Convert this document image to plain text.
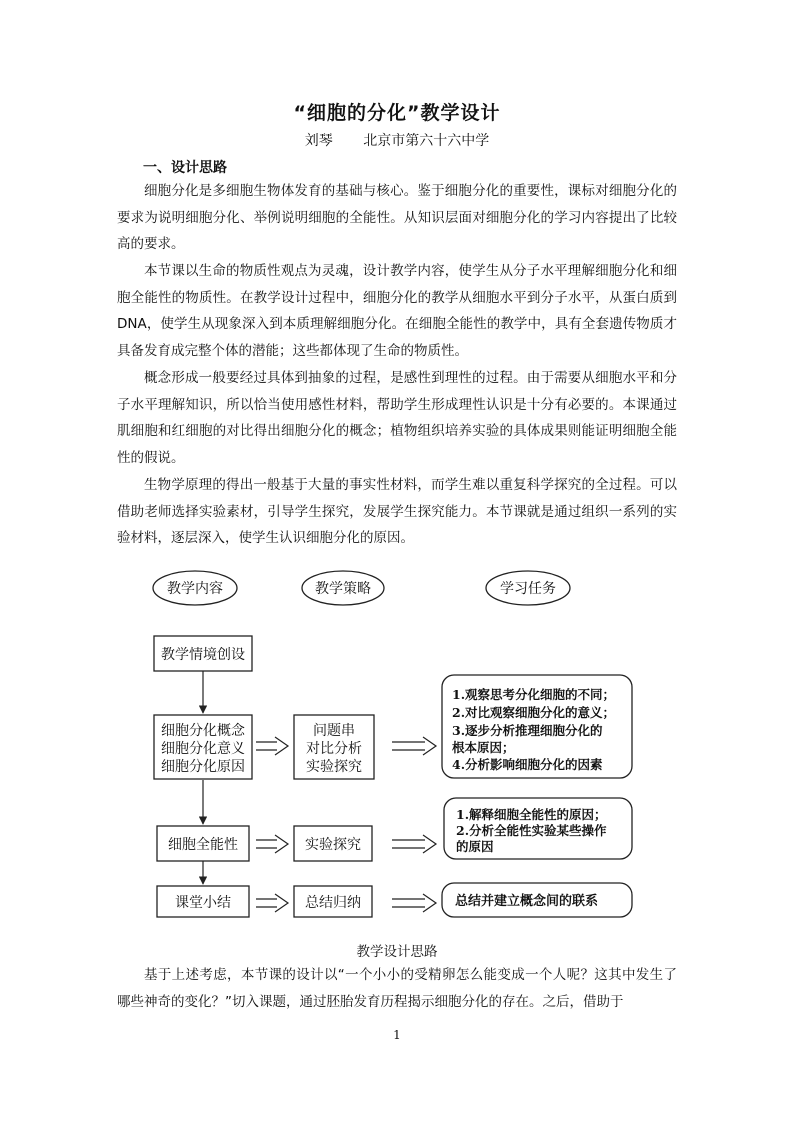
“细胞的分化”教学设计
刘琴 北京市第六十六中学
一、设计思路

细胞分化是多细胞生物体发育的基础与核心。鉴于细胞分化的重要性，课标对细胞分化的要求为说明细胞分化、举例说明细胞的全能性。从知识层面对细胞分化的学习内容提出了比较高的要求。

本节课以生命的物质性观点为灵魂，设计教学内容，使学生从分子水平理解细胞分化和细胞全能性的物质性。在教学设计过程中，细胞分化的教学从细胞水平到分子水平，从蛋白质到DNA，使学生从现象深入到本质理解细胞分化。在细胞全能性的教学中，具有全套遗传物质才具备发育成完整个体的潜能；这些都体现了生命的物质性。

概念形成一般要经过具体到抽象的过程，是感性到理性的过程。由于需要从细胞水平和分子水平理解知识，所以恰当使用感性材料，帮助学生形成理性认识是十分有必要的。本课通过肌细胞和红细胞的对比得出细胞分化的概念；植物组织培养实验的具体成果则能证明细胞全能性的假说。

生物学原理的得出一般基于大量的事实性材料，而学生难以重复科学探究的全过程。可以借助老师选择实验素材，引导学生探究，发展学生探究能力。本节课就是通过组织一系列的实验材料，逐层深入，使学生认识细胞分化的原因。

教学内容	教学策略	学习任务
教学情境创设
细胞分化概念
细胞分化意义
细胞分化原因
问题串
对比分析
实验探究
1.观察思考分化细胞的不同；
2.对比观察细胞分化的意义；
3.逐步分析推理细胞分化的
根本原因；
4.分析影响细胞分化的因素
细胞全能性	实验探究
1.解释细胞全能性的原因；
2.分析全能性实验某些操作
的原因
课堂小结	总结归纳	总结并建立概念间的联系
教学设计思路

基于上述考虑，本节课的设计以“一个小小的受精卵怎么能变成一个人呢？这其中发生了哪些神奇的变化？”切入课题，通过胚胎发育历程揭示细胞分化的存在。之后，借助于

1
